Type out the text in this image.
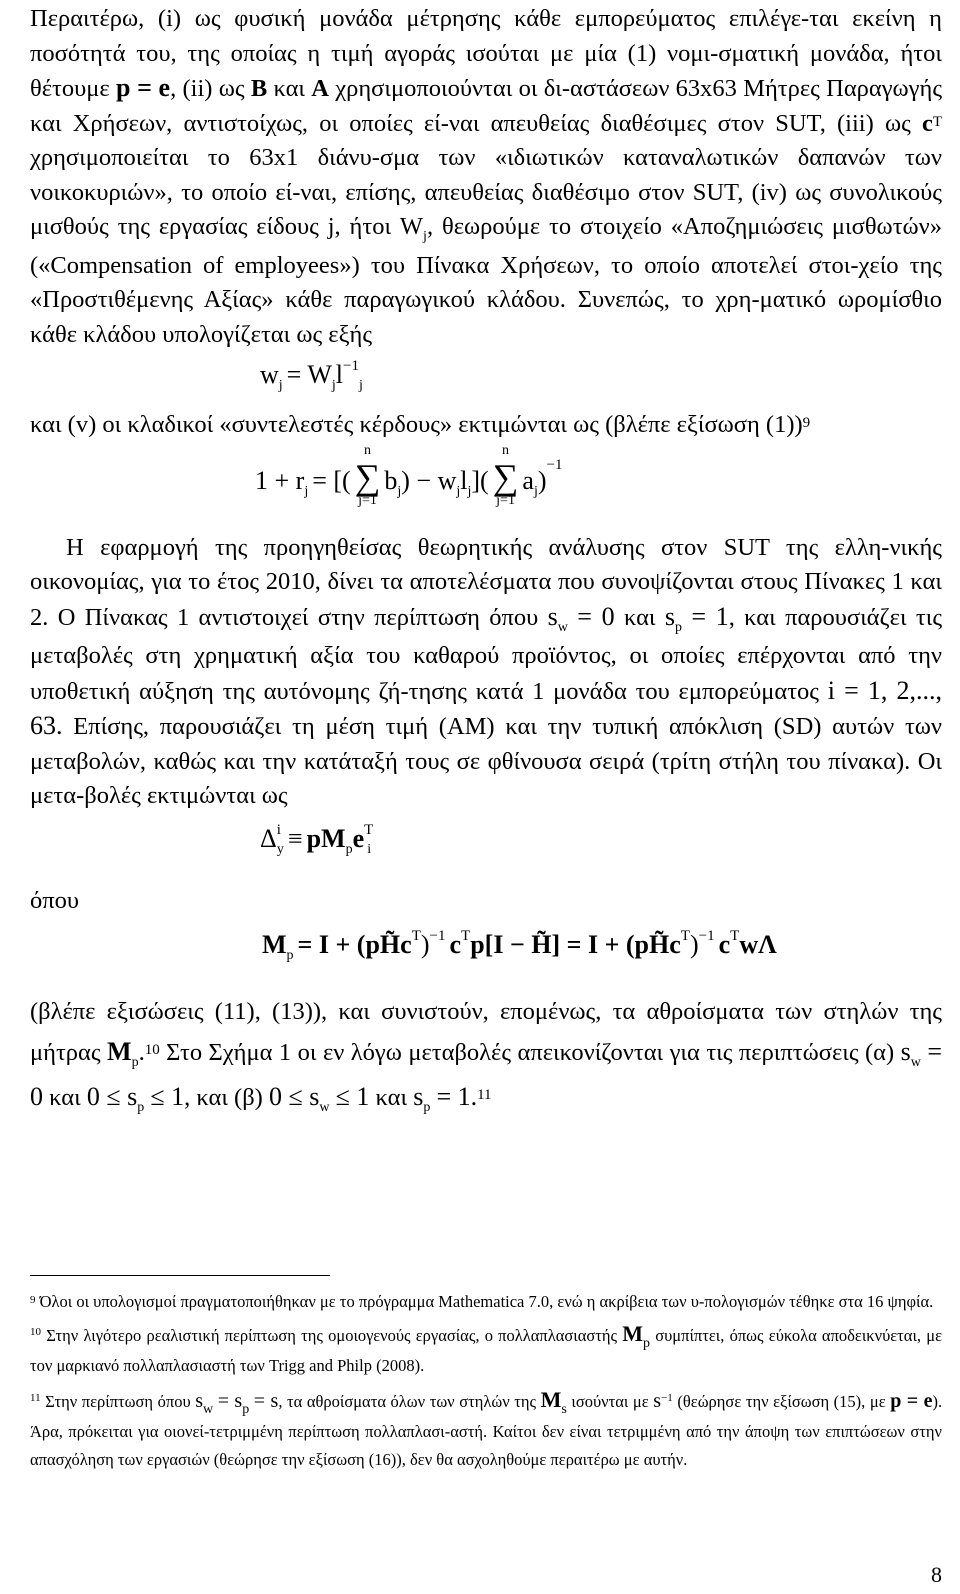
Περαιτέρω, (i) ως φυσική μονάδα μέτρησης κάθε εμπορεύματος επιλέγε-ται εκείνη η ποσότητά του, της οποίας η τιμή αγοράς ισούται με μία (1) νομι-σματική μονάδα, ήτοι θέτουμε p = e, (ii) ως B και A χρησιμοποιούνται οι δι-αστάσεων 63x63 Μήτρες Παραγωγής και Χρήσεων, αντιστοίχως, οι οποίες εί-ναι απευθείας διαθέσιμες στον SUT, (iii) ως $c^T$ χρησιμοποιείται το 63x1 διάνυ-σμα των «ιδιωτικών καταναλωτικών δαπανών των νοικοκυριών», το οποίο εί-ναι, επίσης, απευθείας διαθέσιμο στον SUT, (iv) ως συνολικούς μισθούς της εργασίας είδους j, ήτοι $W_j$, θεωρούμε το στοιχείο «Αποζημιώσεις μισθωτών» («Compensation of employees») του Πίνακα Χρήσεων, το οποίο αποτελεί στοι-χείο της «Προστιθέμενης Αξίας» κάθε παραγωγικού κλάδου. Συνεπώς, το χρη-ματικό ωρομίσθιο κάθε κλάδου υπολογίζεται ως εξής

wj = Wjl−1j

και (v) οι κλαδικοί «συντελεστές κέρδους» εκτιμώνται ως (βλέπε εξίσωση (1))$^9$

1 + rj = [(
n
∑
j=1
bj) − wjlj](
n
∑
j=1
aj)−1

Η εφαρμογή της προηγηθείσας θεωρητικής ανάλυσης στον SUT της ελλη-νικής οικονομίας, για το έτος 2010, δίνει τα αποτελέσματα που συνοψίζονται στους Πίνακες 1 και 2. Ο Πίνακας 1 αντιστοιχεί στην περίπτωση όπου $s_w = 0$ και $s_p = 1$, και παρουσιάζει τις μεταβολές στη χρηματική αξία του καθαρού προϊόντος, οι οποίες επέρχονται από την υποθετική αύξηση της αυτόνομης ζή-τησης κατά 1 μονάδα του εμπορεύματος i = 1, 2,..., 63. Επίσης, παρουσιάζει τη μέση τιμή (AM) και την τυπική απόκλιση (SD) αυτών των μεταβολών, καθώς και την κατάταξή τους σε φθίνουσα σειρά (τρίτη στήλη του πίνακα). Οι μετα-βολές εκτιμώνται ως

Δiy ≡ pMpeTi

όπου

Mp = I + (pH̃cT)−1 cTp[I − H̃] = I + (pH̃cT)−1 cTwΛ

(βλέπε εξισώσεις (11), (13)), και συνιστούν, επομένως, τα αθροίσματα των στηλών της μήτρας $M_p.^{10}$ Στο Σχήμα 1 οι εν λόγω μεταβολές απεικονίζονται για τις περιπτώσεις (α) $s_w = 0$ και $0 \le s_p \le 1$, και (β) $0 \le s_w \le 1$ και $s_p = 1.11$

$^9$ Όλοι οι υπολογισμοί πραγματοποιήθηκαν με το πρόγραμμα Mathematica 7.0, ενώ η ακρίβεια των υ-πολογισμών τέθηκε στα 16 ψηφία.

$^{10}$ Στην λιγότερο ρεαλιστική περίπτωση της ομοιογενούς εργασίας, ο πολλαπλασιαστής $M_p$ συμπίπτει, όπως εύκολα αποδεικνύεται, με τον μαρκιανό πολλαπλασιαστή των Trigg and Philp (2008).

$^{11}$ Στην περίπτωση όπου $s_w = s_p = s$, τα αθροίσματα όλων των στηλών της $M_s$ ισούνται με s$^{-1}$ (θεώρησε την εξίσωση (15), με p = e). Άρα, πρόκειται για οιονεί-τετριμμένη περίπτωση πολλαπλασι-αστή. Καίτοι δεν είναι τετριμμένη από την άποψη των επιπτώσεων στην απασχόληση των εργασιών (θεώρησε την εξίσωση (16)), δεν θα ασχοληθούμε περαιτέρω με αυτήν.

8
